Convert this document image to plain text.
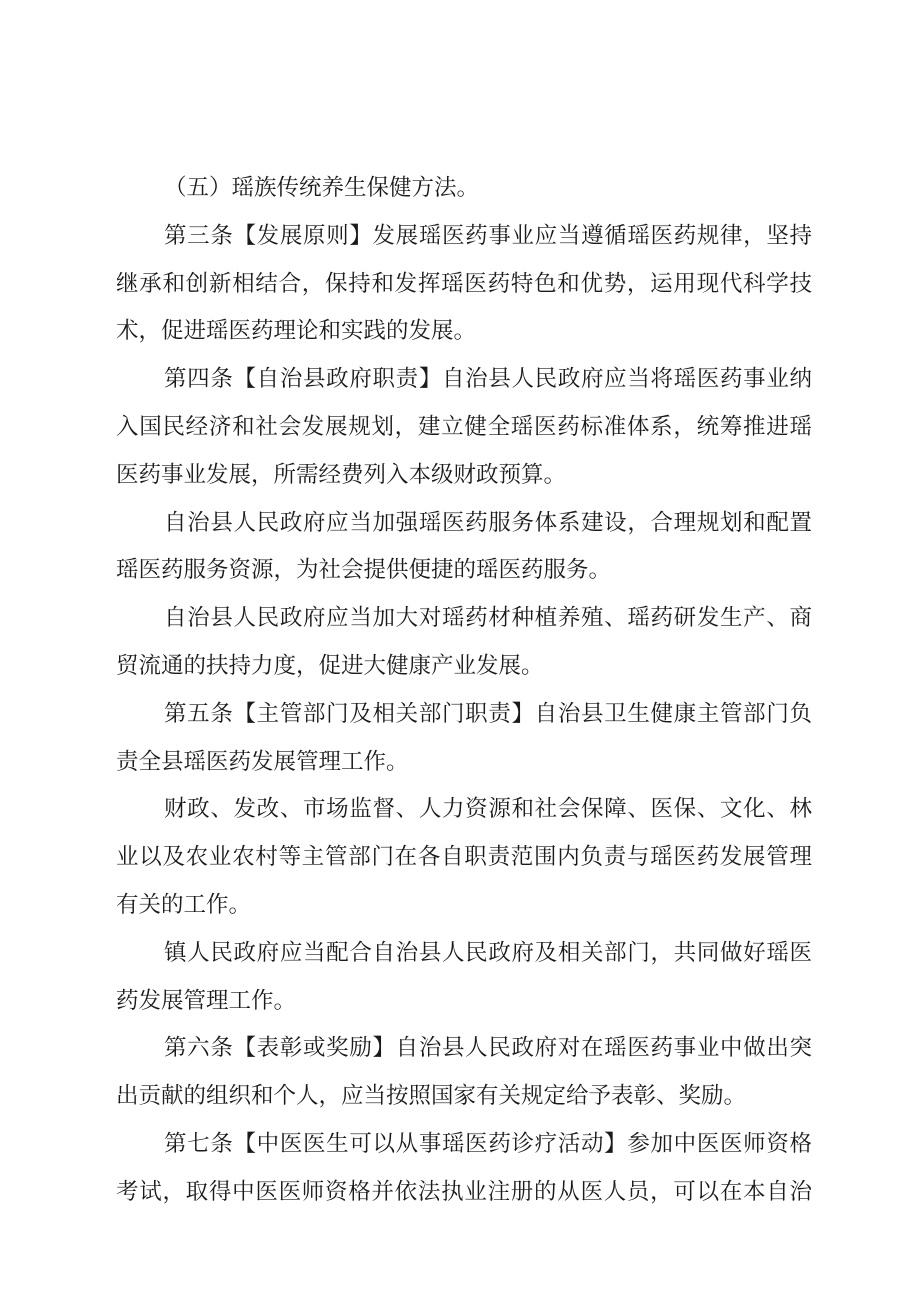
（五）瑶族传统养生保健方法。
第三条【发展原则】发展瑶医药事业应当遵循瑶医药规律，坚持
继承和创新相结合，保持和发挥瑶医药特色和优势，运用现代科学技
术，促进瑶医药理论和实践的发展。
第四条【自治县政府职责】自治县人民政府应当将瑶医药事业纳
入国民经济和社会发展规划，建立健全瑶医药标准体系，统筹推进瑶
医药事业发展，所需经费列入本级财政预算。
自治县人民政府应当加强瑶医药服务体系建设，合理规划和配置
瑶医药服务资源，为社会提供便捷的瑶医药服务。
自治县人民政府应当加大对瑶药材种植养殖、瑶药研发生产、商
贸流通的扶持力度，促进大健康产业发展。
第五条【主管部门及相关部门职责】自治县卫生健康主管部门负
责全县瑶医药发展管理工作。
财政、发改、市场监督、人力资源和社会保障、医保、文化、林
业以及农业农村等主管部门在各自职责范围内负责与瑶医药发展管理
有关的工作。
镇人民政府应当配合自治县人民政府及相关部门，共同做好瑶医
药发展管理工作。
第六条【表彰或奖励】自治县人民政府对在瑶医药事业中做出突
出贡献的组织和个人，应当按照国家有关规定给予表彰、奖励。
第七条【中医医生可以从事瑶医药诊疗活动】参加中医医师资格
考试，取得中医医师资格并依法执业注册的从医人员，可以在本自治
